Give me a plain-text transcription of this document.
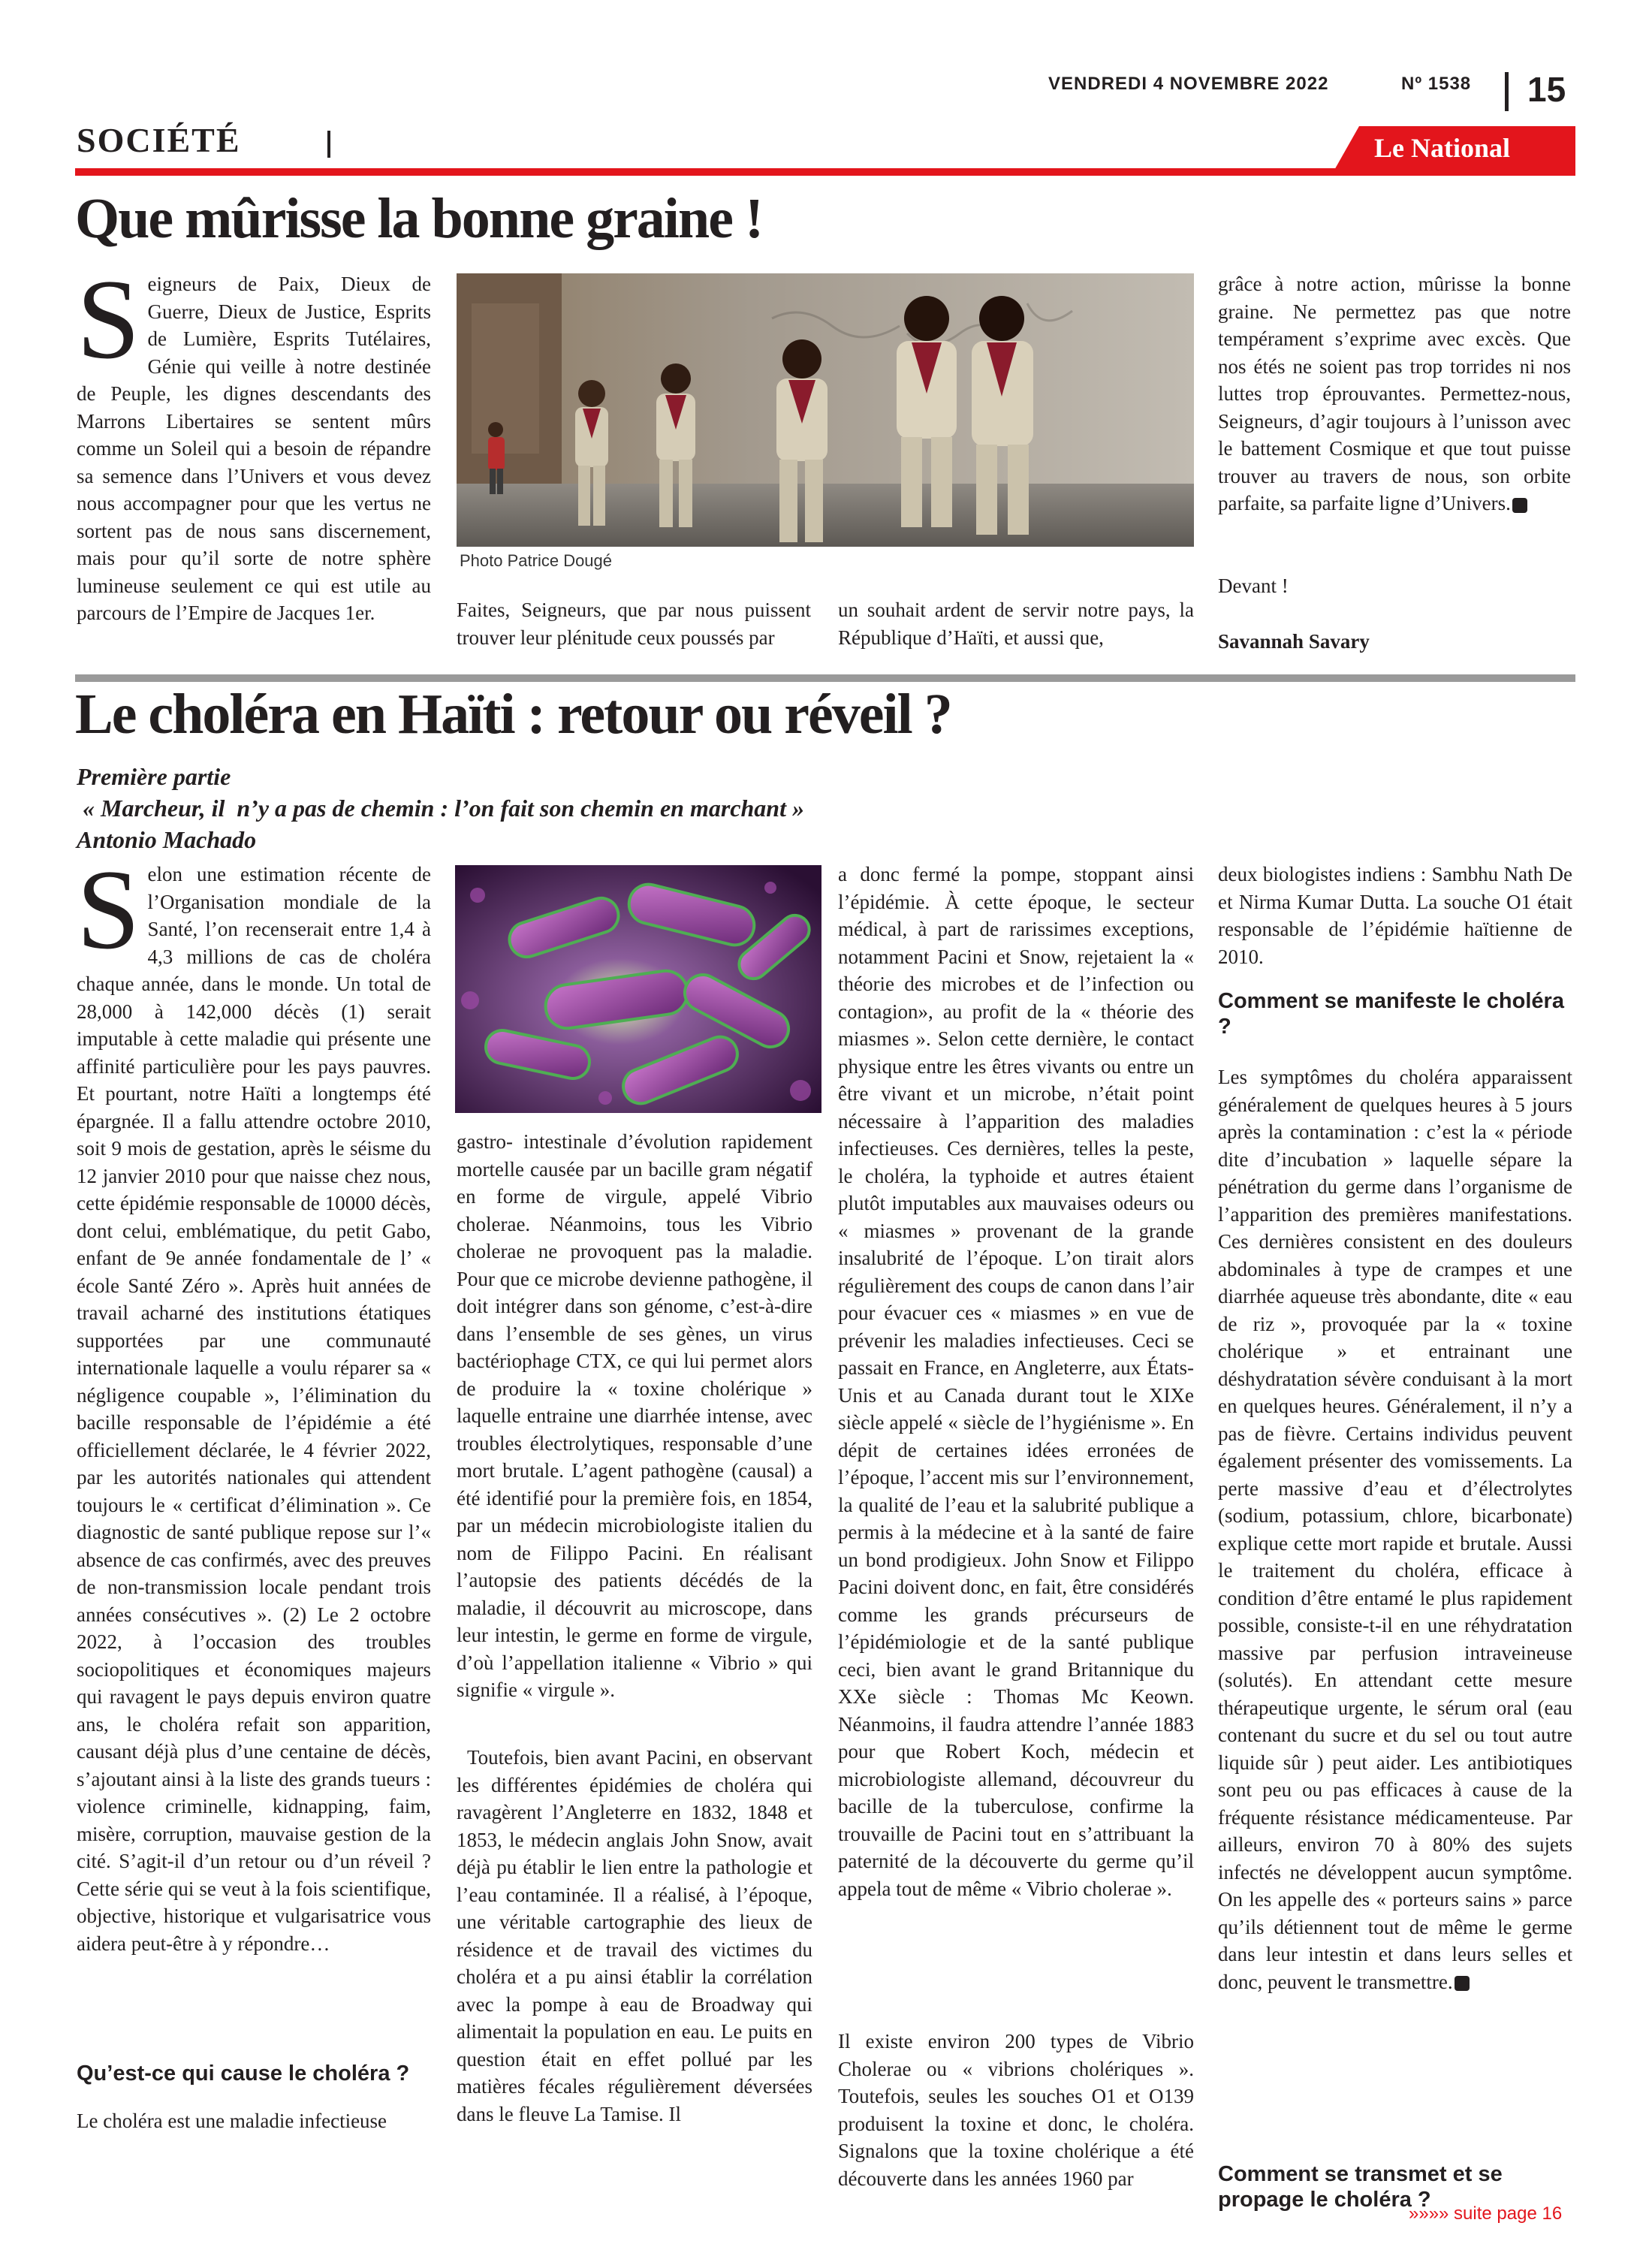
VENDREDI 4 NOVEMBRE 2022	Nº 1538 15
SOCIÉTÉ	Le National
Que mûrisse la bonne graine !
Seigneurs de Paix, Dieux de Guerre, Dieux de Justice, Esprits de Lumière, Esprits Tutélaires, Génie qui veille à notre destinée de Peuple, les dignes descendants des Marrons Libertaires se sentent mûrs comme un Soleil qui a besoin de répandre sa semence dans l’Univers et vous devez nous accompagner pour que les vertus ne sortent pas de nous sans discernement, mais pour qu’il sorte de notre sphère lumineuse seulement ce qui est utile au parcours de l’Empire de Jacques 1er.
Photo Patrice Dougé
Faites, Seigneurs, que par nous puissent trouver leur plénitude ceux poussés par
un souhait ardent de servir notre pays, la République d’Haïti, et aussi que,
grâce à notre action, mûrisse la bonne graine. Ne permettez pas que notre tempérament s’exprime avec excès. Que nos étés ne soient pas trop torrides ni nos luttes trop éprouvantes. Permettez-nous, Seigneurs, d’agir toujours à l’unisson avec le battement Cosmique et que tout puisse trouver au travers de nous, son orbite parfaite, sa parfaite ligne d’Univers.
Devant !
Savannah Savary
Le choléra en Haïti : retour ou réveil ?
Première partie
« Marcheur, il  n’y a pas de chemin : l’on fait son chemin en marchant »
Antonio Machado
Selon une estimation récente de l’Organisation mondiale de la Santé, l’on recenserait entre 1,4 à 4,3 millions de cas de choléra chaque année, dans le monde. Un total de 28,000 à 142,000 décès (1) serait imputable à cette maladie qui présente une affinité particulière pour les pays pauvres. Et pourtant, notre Haïti a longtemps été épargnée. Il a fallu attendre octobre 2010, soit 9 mois de gestation, après le séisme du 12 janvier 2010 pour que naisse chez nous, cette épidémie responsable de 10000 décès, dont celui, emblématique, du petit Gabo, enfant de 9e année fondamentale de l’ « école Santé Zéro ». Après huit années de travail acharné des institutions étatiques supportées par une communauté internationale laquelle a voulu réparer sa « négligence coupable », l’élimination du bacille responsable de l’épidémie a été officiellement déclarée, le 4 février 2022, par les autorités nationales qui attendent toujours le « certificat d’élimination ». Ce diagnostic de santé publique repose sur l’« absence de cas confirmés, avec des preuves de non-transmission locale pendant trois années consécutives ». (2) Le 2 octobre 2022, à l’occasion des troubles sociopolitiques et économiques majeurs qui ravagent le pays depuis environ quatre ans, le choléra refait son apparition, causant déjà plus d’une centaine de décès, s’ajoutant ainsi à la liste des grands tueurs : violence criminelle, kidnapping, faim, misère, corruption, mauvaise gestion de la cité. S’agit-il d’un retour ou d’un réveil ? Cette série qui se veut à la fois scientifique, objective, historique et vulgarisatrice vous aidera peut-être à y répondre…
Qu’est-ce qui cause le choléra ?
Le choléra est une maladie infectieuse
gastro- intestinale d’évolution rapidement mortelle causée par un bacille gram négatif en forme de virgule, appelé Vibrio cholerae. Néanmoins, tous les Vibrio cholerae ne provoquent pas la maladie. Pour que ce microbe devienne pathogène, il doit intégrer dans son génome, c’est-à-dire dans l’ensemble de ses gènes, un virus bactériophage CTX, ce qui lui permet alors de produire la « toxine cholérique » laquelle entraine une diarrhée intense, avec troubles électrolytiques, responsable d’une mort brutale. L’agent pathogène (causal) a été identifié pour la première fois, en 1854, par un médecin microbiologiste italien du nom de Filippo Pacini. En réalisant l’autopsie des patients décédés de la maladie, il découvrit au microscope, dans leur intestin, le germe en forme de virgule, d’où l’appellation italienne « Vibrio » qui signifie « virgule ».
Toutefois, bien avant Pacini, en observant les différentes épidémies de choléra qui ravagèrent l’Angleterre en 1832, 1848 et 1853, le médecin anglais John Snow, avait déjà pu établir le lien entre la pathologie et l’eau contaminée. Il a réalisé, à l’époque, une véritable cartographie des lieux de résidence et de travail des victimes du choléra et a pu ainsi établir la corrélation avec la pompe à eau de Broadway qui alimentait la population en eau. Le puits en question était en effet pollué par les matières fécales régulièrement déversées dans le fleuve La Tamise. Il
a donc fermé la pompe, stoppant ainsi l’épidémie. À cette époque, le secteur médical, à part de rarissimes exceptions, notamment Pacini et Snow, rejetaient la « théorie des microbes et de l’infection ou contagion», au profit de la « théorie des miasmes ». Selon cette dernière, le contact physique entre les êtres vivants ou entre un être vivant et un microbe, n’était point nécessaire à l’apparition des maladies infectieuses. Ces dernières, telles la peste, le choléra, la typhoide et autres étaient plutôt imputables aux mauvaises odeurs ou « miasmes » provenant de la grande insalubrité de l’époque. L’on tirait alors régulièrement des coups de canon dans l’air pour évacuer ces « miasmes » en vue de prévenir les maladies infectieuses. Ceci se passait en France, en Angleterre, aux États-Unis et au Canada durant tout le XIXe siècle appelé « siècle de l’hygiénisme ». En dépit de certaines idées erronées de l’époque, l’accent mis sur l’environnement, la qualité de l’eau et la salubrité publique a permis à la médecine et à la santé de faire un bond prodigieux. John Snow et Filippo Pacini doivent donc, en fait, être considérés comme les grands précurseurs de l’épidémiologie et de la santé publique ceci, bien avant le grand Britannique du XXe siècle : Thomas Mc Keown. Néanmoins, il faudra attendre l’année 1883 pour que Robert Koch, médecin et microbiologiste allemand, découvreur du bacille de la tuberculose, confirme la trouvaille de Pacini tout en s’attribuant la paternité de la découverte du germe qu’il appela tout de même « Vibrio cholerae ».
Il existe environ 200 types de Vibrio Cholerae ou « vibrions cholériques ». Toutefois, seules les souches O1 et O139 produisent la toxine et donc, le choléra. Signalons que la toxine cholérique a été découverte dans les années 1960 par
deux biologistes indiens : Sambhu Nath De et Nirma Kumar Dutta. La souche O1 était responsable de l’épidémie haïtienne de 2010.
Comment se manifeste le choléra ?
Les symptômes du choléra apparaissent généralement de quelques heures à 5 jours après la contamination : c’est la « période dite d’incubation » laquelle sépare la pénétration du germe dans l’organisme de l’apparition des premières manifestations. Ces dernières consistent en des douleurs abdominales à type de crampes et une diarrhée aqueuse très abondante, dite « eau de riz », provoquée par la « toxine cholérique » et entrainant une déshydratation sévère conduisant à la mort en quelques heures. Généralement, il n’y a pas de fièvre. Certains individus peuvent également présenter des vomissements. La perte massive d’eau et d’électrolytes (sodium, potassium, chlore, bicarbonate) explique cette mort rapide et brutale. Aussi le traitement du choléra, efficace à condition d’être entamé le plus rapidement possible, consiste-t-il en une réhydratation massive par perfusion intraveineuse (solutés). En attendant cette mesure thérapeutique urgente, le sérum oral (eau contenant du sucre et du sel ou tout autre liquide sûr ) peut aider. Les antibiotiques sont peu ou pas efficaces à cause de la fréquente résistance médicamenteuse. Par ailleurs, environ 70 à 80% des sujets infectés ne développent aucun symptôme. On les appelle des « porteurs sains » parce qu’ils détiennent tout de même le germe dans leur intestin et dans leurs selles et donc, peuvent le transmettre.
Comment se transmet et se propage le choléra ?
»»»» suite page 16
